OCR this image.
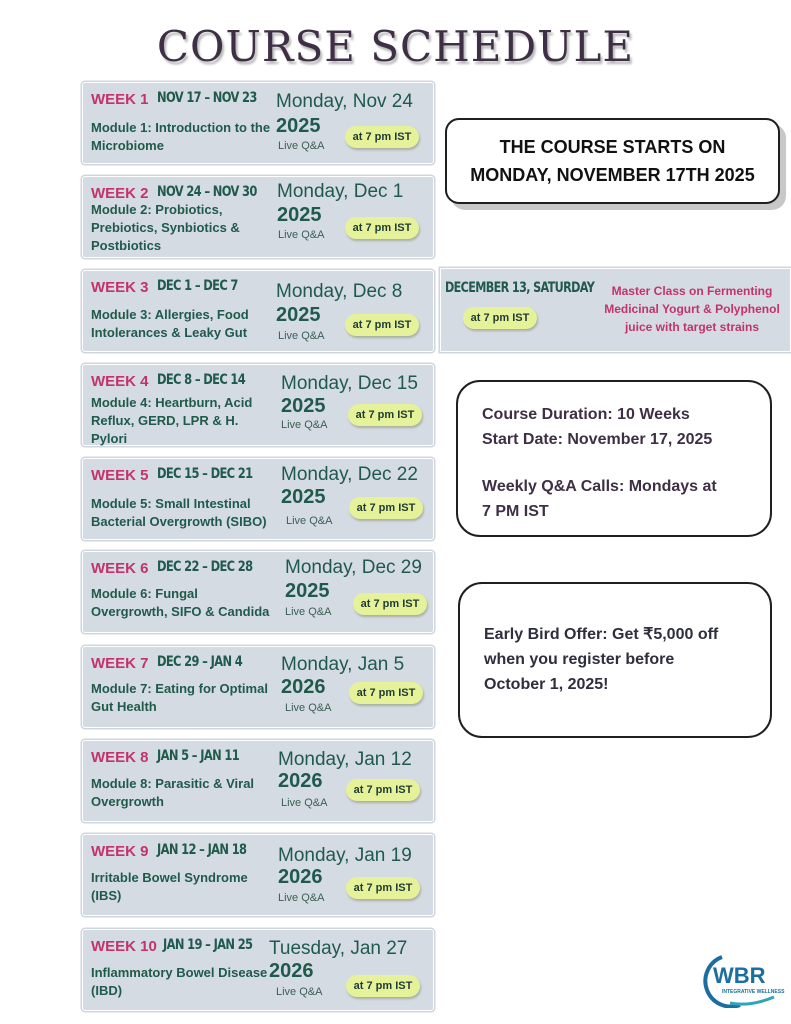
COURSE SCHEDULE
WEEK 1 NOV 17 – NOV 23
Module 1: Introduction to the Microbiome
Monday, Nov 24
2025
Live Q&A
at 7 pm IST
WEEK 2 NOV 24 – NOV 30
Module 2: Probiotics, Prebiotics, Synbiotics & Postbiotics
Monday, Dec 1
2025
Live Q&A
at 7 pm IST
WEEK 3 DEC 1 – DEC 7
Module 3: Allergies, Food Intolerances & Leaky Gut
Monday, Dec 8
2025
Live Q&A
at 7 pm IST
WEEK 4 DEC 8 – DEC 14
Module 4: Heartburn, Acid Reflux, GERD, LPR & H. Pylori
Monday, Dec 15
2025
Live Q&A
at 7 pm IST
WEEK 5 DEC 15 – DEC 21
Module 5: Small Intestinal Bacterial Overgrowth (SIBO)
Monday, Dec 22
2025
Live Q&A
at 7 pm IST
WEEK 6 DEC 22 – DEC 28
Module 6: Fungal Overgrowth, SIFO & Candida
Monday, Dec 29
2025
Live Q&A
at 7 pm IST
WEEK 7 DEC 29 – JAN 4
Module 7: Eating for Optimal Gut Health
Monday, Jan 5
2026
Live Q&A
at 7 pm IST
WEEK 8 JAN 5 – JAN 11
Module 8: Parasitic & Viral Overgrowth
Monday, Jan 12
2026
Live Q&A
at 7 pm IST
WEEK 9 JAN 12 – JAN 18
Irritable Bowel Syndrome (IBS)
Monday, Jan 19
2026
Live Q&A
at 7 pm IST
WEEK 10 JAN 19 – JAN 25
Inflammatory Bowel Disease (IBD)
Tuesday, Jan 27
2026
Live Q&A	at 7 pm IST
THE COURSE STARTS ON
MONDAY, NOVEMBER 17TH 2025
DECEMBER 13, SATURDAY
at 7 pm IST
Master Class on Fermenting
Medicinal Yogurt & Polyphenol
juice with target strains
Course Duration: 10 Weeks
Start Date: November 17, 2025
Weekly Q&A Calls: Mondays at
7 PM IST
Early Bird Offer: Get ₹5,000 off
when you register before
October 1, 2025!
WBR
INTEGRATIVE WELLNESS
